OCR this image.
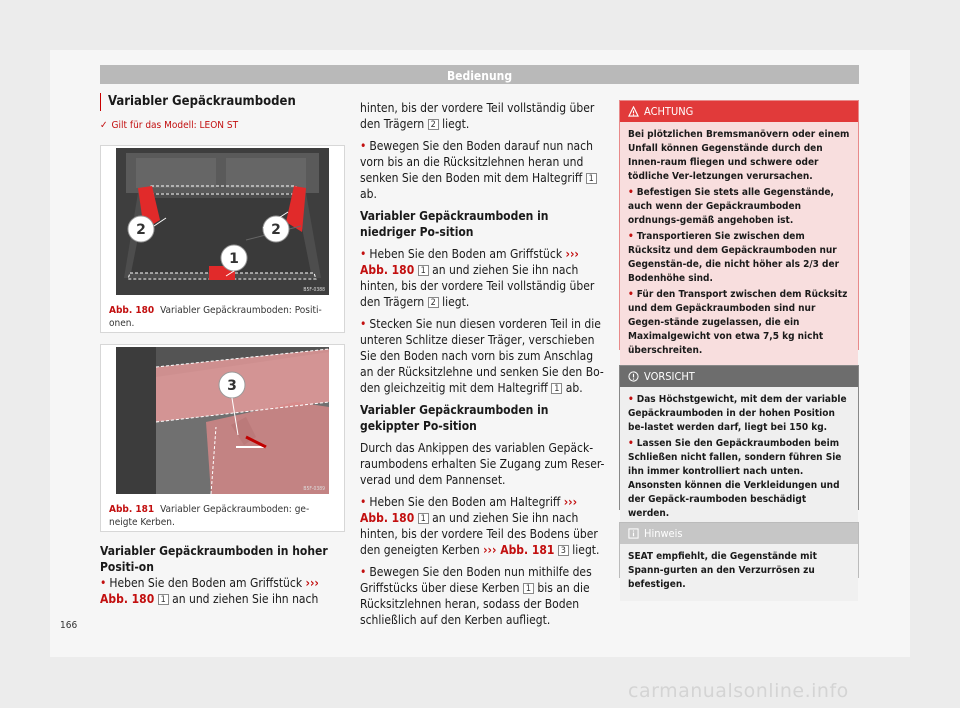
Bedienung
Variabler Gepäckraumboden
✓ Gilt für das Modell: LEON ST
2
1
2
B5F-0388
Abb. 180 Variabler Gepäckraumboden: Positi-onen.
3
B5F-0389
Abb. 181 Variabler Gepäckraumboden: ge-neigte Kerben.
Variabler Gepäckraumboden in hoher Positi-on
• Heben Sie den Boden am Griffstück ››› Abb. 180 1 an und ziehen Sie ihn nach

hinten, bis der vordere Teil vollständig über den Trägern 2 liegt.

• Bewegen Sie den Boden darauf nun nach vorn bis an die Rücksitzlehnen heran und senken Sie den Boden mit dem Haltegriff 1 ab.

Variabler Gepäckraumboden in niedriger Po-sition

• Heben Sie den Boden am Griffstück ››› Abb. 180 1 an und ziehen Sie ihn nach hinten, bis der vordere Teil vollständig über den Trägern 2 liegt.

• Stecken Sie nun diesen vorderen Teil in die unteren Schlitze dieser Träger, verschieben Sie den Boden nach vorn bis zum Anschlag an der Rücksitzlehne und senken Sie den Bo-den gleichzeitig mit dem Haltegriff 1 ab.

Variabler Gepäckraumboden in gekippter Po-sition

Durch das Ankippen des variablen Gepäck-raumbodens erhalten Sie Zugang zum Reser-verad und dem Pannenset.

• Heben Sie den Boden am Haltegriff ››› Abb. 180 1 an und ziehen Sie ihn nach hinten, bis der vordere Teil des Bodens über den geneigten Kerben ››› Abb. 181 3 liegt.

• Bewegen Sie den Boden nun mithilfe des Griffstücks über diese Kerben 1 bis an die Rücksitzlehnen heran, sodass der Boden schließlich auf den Kerben aufliegt.

ACHTUNG

Bei plötzlichen Bremsmanövern oder einem Unfall können Gegenstände durch den Innen-raum fliegen und schwere oder tödliche Ver-letzungen verursachen.

• Befestigen Sie stets alle Gegenstände, auch wenn der Gepäckraumboden ordnungs-gemäß angehoben ist.

• Transportieren Sie zwischen dem Rücksitz und dem Gepäckraumboden nur Gegenstän-de, die nicht höher als 2/3 der Bodenhöhe sind.

• Für den Transport zwischen dem Rücksitz und dem Gepäckraumboden sind nur Gegen-stände zugelassen, die ein Maximalgewicht von etwa 7,5 kg nicht überschreiten.

VORSICHT

• Das Höchstgewicht, mit dem der variable Gepäckraumboden in der hohen Position be-lastet werden darf, liegt bei 150 kg.

• Lassen Sie den Gepäckraumboden beim Schließen nicht fallen, sondern führen Sie ihn immer kontrolliert nach unten. Ansonsten können die Verkleidungen und der Gepäck-raumboden beschädigt werden.

Hinweis

SEAT empfiehlt, die Gegenstände mit Spann-gurten an den Verzurrösen zu befestigen.

166
carmanualsonline.info
